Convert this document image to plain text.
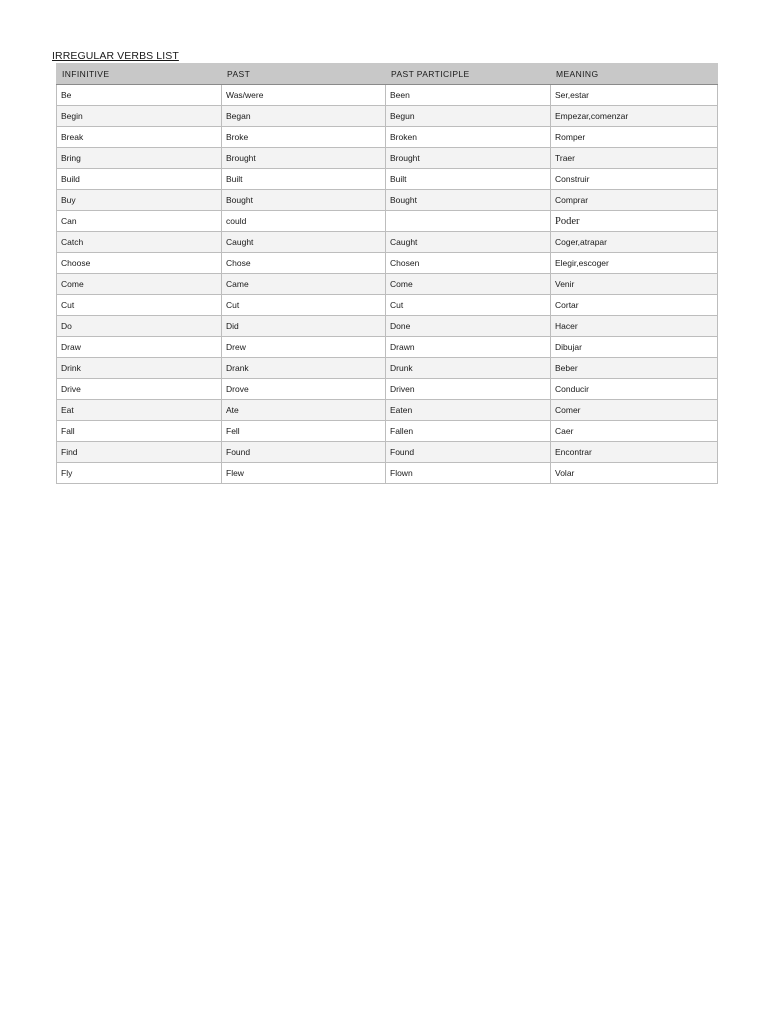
IRREGULAR VERBS LIST
INFINITIVE	PAST	PAST PARTICIPLE	MEANING
Be	Was/were	Been	Ser,estar
Begin	Began	Begun	Empezar,comenzar
Break	Broke	Broken	Romper
Bring	Brought	Brought	Traer
Build	Built	Built	Construir
Buy	Bought	Bought	Comprar
Can	could		Poder
Catch	Caught	Caught	Coger,atrapar
Choose	Chose	Chosen	Elegir,escoger
Come	Came	Come	Venir
Cut	Cut	Cut	Cortar
Do	Did	Done	Hacer
Draw	Drew	Drawn	Dibujar
Drink	Drank	Drunk	Beber
Drive	Drove	Driven	Conducir
Eat	Ate	Eaten	Comer
Fall	Fell	Fallen	Caer
Find	Found	Found	Encontrar
Fly	Flew	Flown	Volar
